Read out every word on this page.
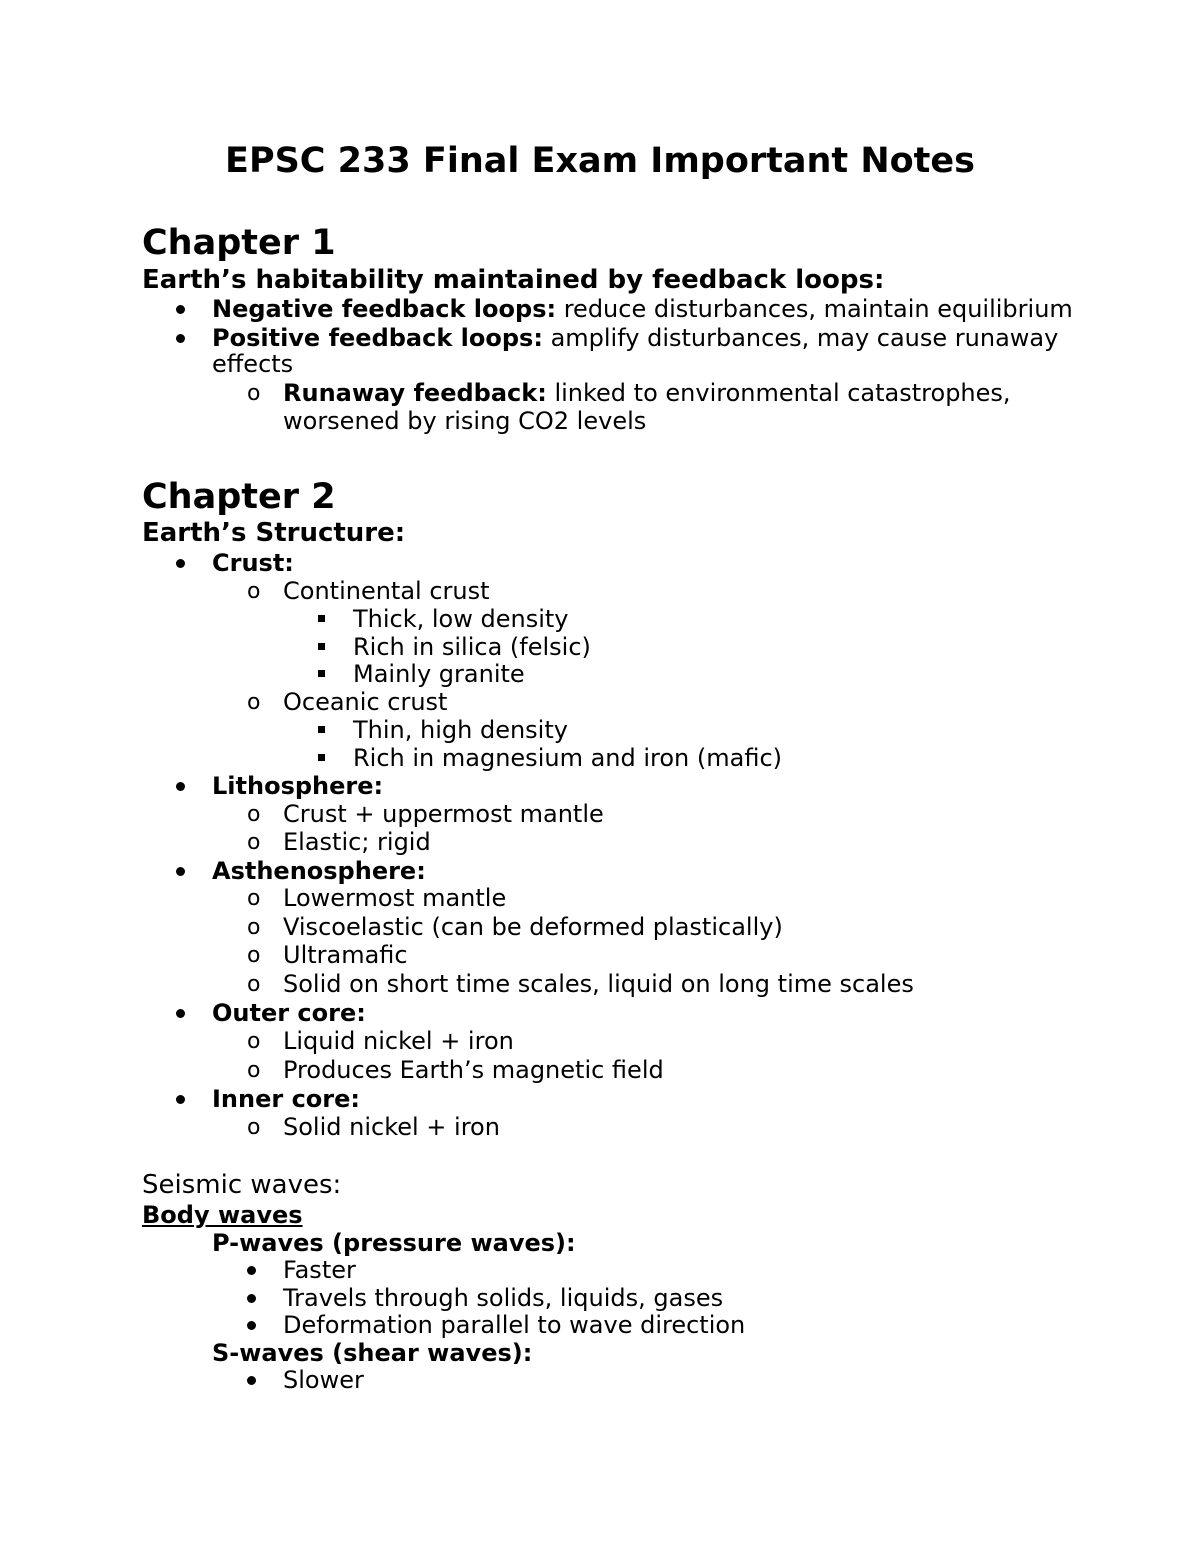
EPSC 233 Final Exam Important Notes
Chapter 1
Earth’s habitability maintained by feedback loops:
Negative feedback loops: reduce disturbances, maintain equilibrium
Positive feedback loops: amplify disturbances, may cause runaway
effects
o Runaway feedback: linked to environmental catastrophes,
worsened by rising CO2 levels
Chapter 2
Earth’s Structure:
Crust:
o Continental crust
Thick, low density
Rich in silica (felsic)
Mainly granite
o Oceanic crust
Thin, high density
Rich in magnesium and iron (mafic)
Lithosphere:
o Crust + uppermost mantle
o Elastic; rigid
Asthenosphere:
o Lowermost mantle
o Viscoelastic (can be deformed plastically)
o Ultramafic
o Solid on short time scales, liquid on long time scales
Outer core:
o Liquid nickel + iron
o Produces Earth’s magnetic field
Inner core:
o Solid nickel + iron
Seismic waves:
Body waves
P-waves (pressure waves):
Faster
Travels through solids, liquids, gases
Deformation parallel to wave direction
S-waves (shear waves):
Slower
